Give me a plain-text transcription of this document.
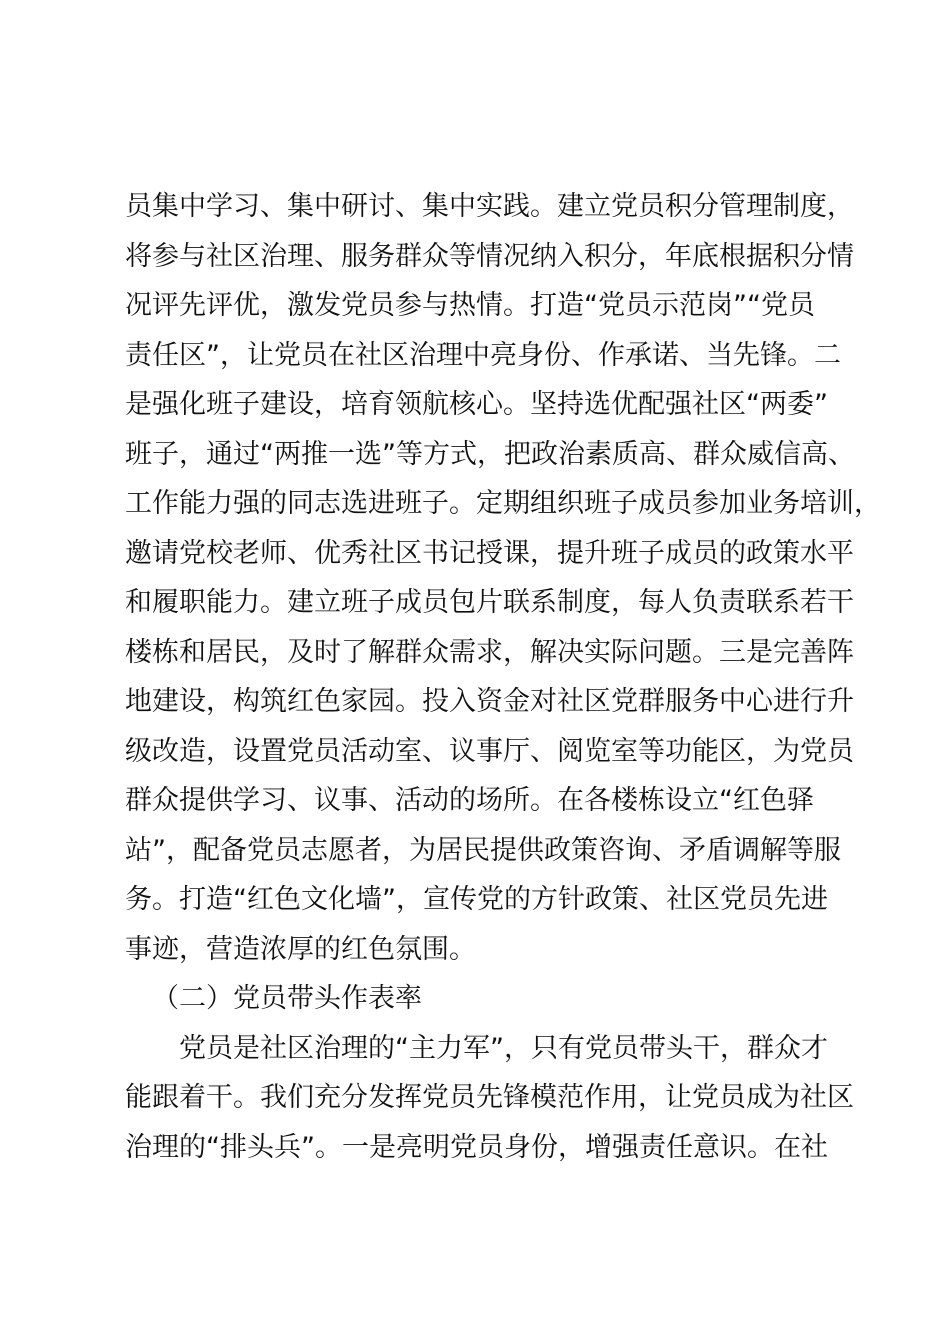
员集中学习、集中研讨、集中实践。建立党员积分管理制度，
将参与社区治理、服务群众等情况纳入积分，年底根据积分情
况评先评优，激发党员参与热情。打造“党员示范岗”“党员
责任区”，让党员在社区治理中亮身份、作承诺、当先锋。二
是强化班子建设，培育领航核心。坚持选优配强社区“两委”
班子，通过“两推一选”等方式，把政治素质高、群众威信高、
工作能力强的同志选进班子。定期组织班子成员参加业务培训，
邀请党校老师、优秀社区书记授课，提升班子成员的政策水平
和履职能力。建立班子成员包片联系制度，每人负责联系若干
楼栋和居民，及时了解群众需求，解决实际问题。三是完善阵
地建设，构筑红色家园。投入资金对社区党群服务中心进行升
级改造，设置党员活动室、议事厅、阅览室等功能区，为党员
群众提供学习、议事、活动的场所。在各楼栋设立“红色驿
站”，配备党员志愿者，为居民提供政策咨询、矛盾调解等服
务。打造“红色文化墙”，宣传党的方针政策、社区党员先进
事迹，营造浓厚的红色氛围。
（二）党员带头作表率
党员是社区治理的“主力军”，只有党员带头干，群众才
能跟着干。我们充分发挥党员先锋模范作用，让党员成为社区
治理的“排头兵”。一是亮明党员身份，增强责任意识。在社
